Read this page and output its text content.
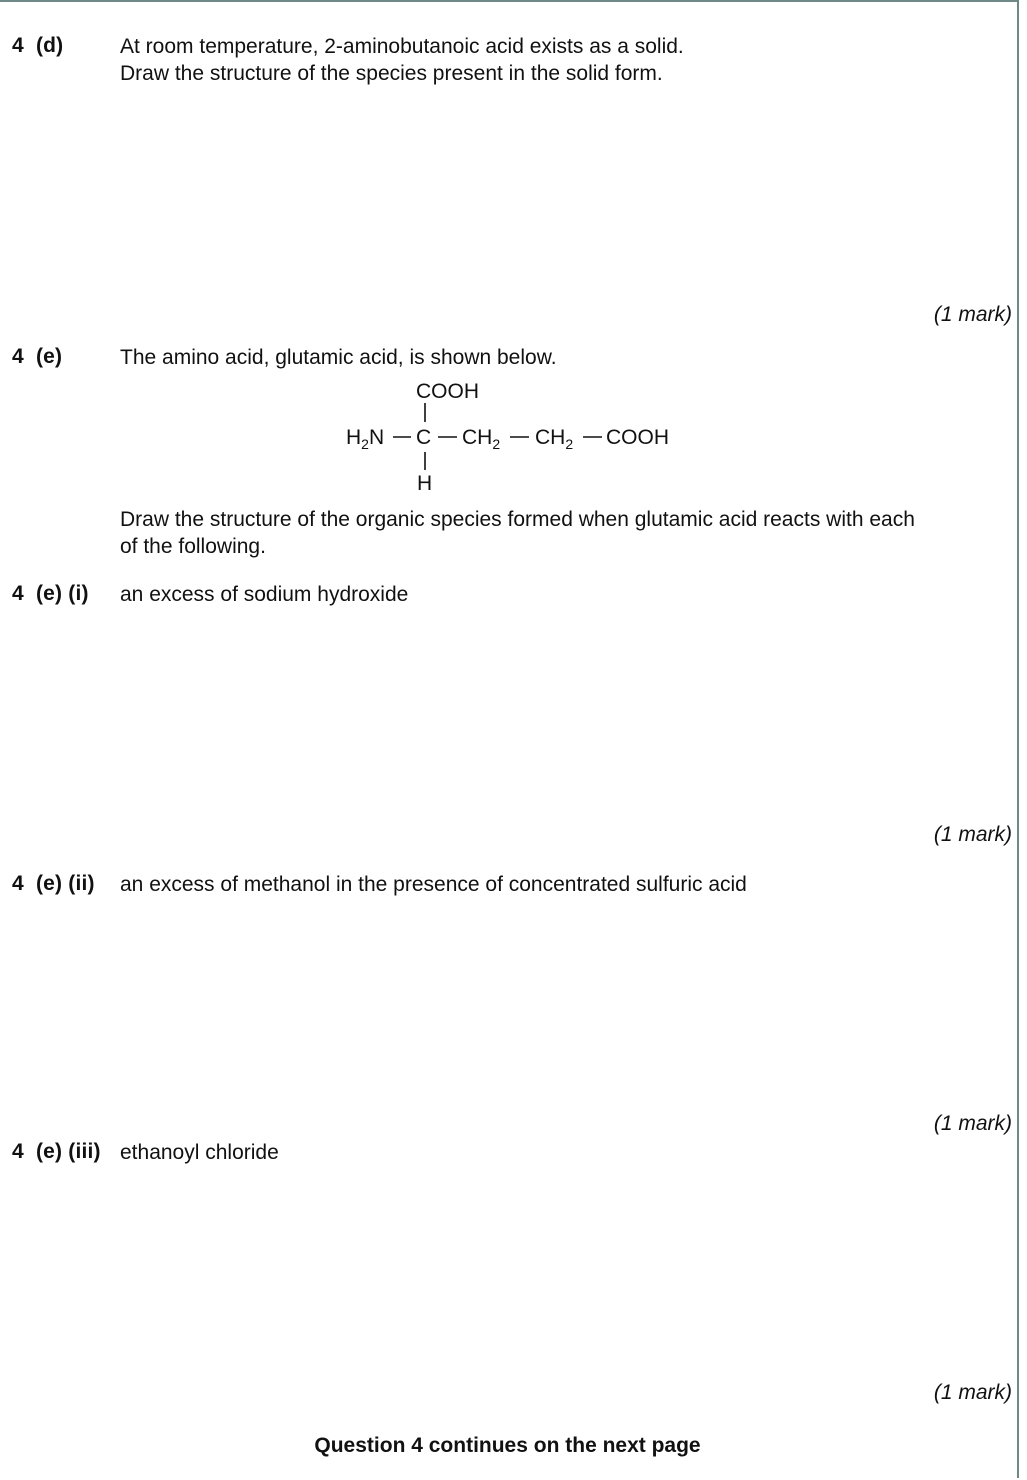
4  (d)	At room temperature, 2-aminobutanoic acid exists as a solid.
Draw the structure of the species present in the solid form.
(1 mark)
4  (e)	The amino acid, glutamic acid, is shown below.
COOH
$H_2N$ C $CH_2$ $CH_2$ COOH
H
Draw the structure of the organic species formed when glutamic acid reacts with each
of the following.
4  (e) (i) an excess of sodium hydroxide
(1 mark)
4  (e) (ii) an excess of methanol in the presence of concentrated sulfuric acid
(1 mark)
4  (e) (iii) ethanoyl chloride
(1 mark)
Question 4 continues on the next page
